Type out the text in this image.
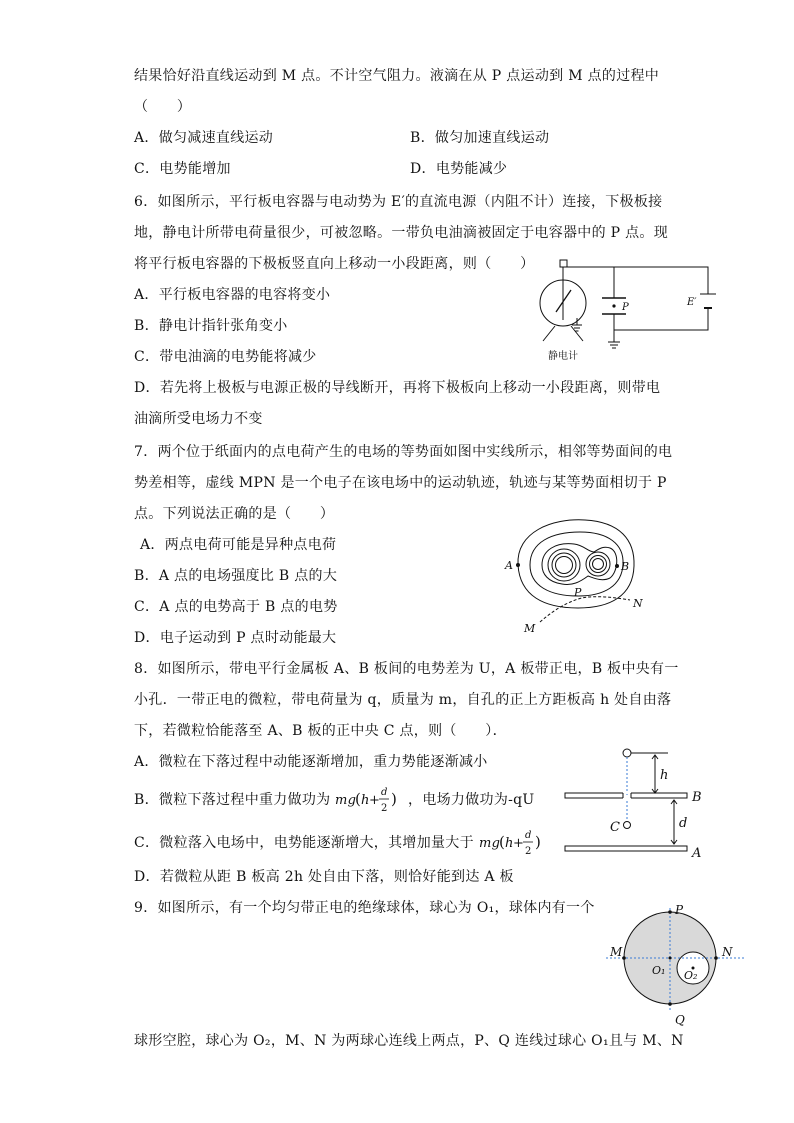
结果恰好沿直线运动到 M 点。不计空气阻力。液滴在从 P 点运动到 M 点的过程中
（　　）
A．做匀减速直线运动	B．做匀加速直线运动
C．电势能增加	D．电势能减少
6．如图所示，平行板电容器与电动势为 E′的直流电源（内阻不计）连接，下极板接
地，静电计所带电荷量很少，可被忽略。一带负电油滴被固定于电容器中的 P 点。现
将平行板电容器的下极板竖直向上移动一小段距离，则（　　）
A．平行板电容器的电容将变小
B．静电计指针张角变小
C．带电油滴的电势能将减少
D．若先将上极板与电源正极的导线断开，再将下极板向上移动一小段距离，则带电
油滴所受电场力不变
P	E′
静电计
7．两个位于纸面内的点电荷产生的电场的等势面如图中实线所示，相邻等势面间的电
势差相等，虚线 MPN 是一个电子在该电场中的运动轨迹，轨迹与某等势面相切于 P
点。下列说法正确的是（　　）
A．两点电荷可能是异种点电荷
B．A 点的电场强度比 B 点的大
C．A 点的电势高于 B 点的电势
D．电子运动到 P 点时动能最大
A	B
P
M
N
8．如图所示，带电平行金属板 A、B 板间的电势差为 U，A 板带正电，B 板中央有一
小孔．一带正电的微粒，带电荷量为 q，质量为 m，自孔的正上方距板高 h 处自由落
下，若微粒恰能落至 A、B 板的正中央 C 点，则（　　）．
A．微粒在下落过程中动能逐渐增加，重力势能逐渐减小
B．微粒下落过程中重力做功为 mg
( h +
d
2
) ，电场力做功为-qU
C．微粒落入电场中，电势能逐渐增大，其增加量大于 mg
( h +
d
2
)
D．若微粒从距 B 板高 2h 处自由下落，则恰好能到达 A 板
h
B
d
C
A
9．如图所示，有一个均匀带正电的绝缘球体，球心为 O₁，球体内有一个	P
Q
M	N
O₁ O₂
球形空腔，球心为 O₂，M、N 为两球心连线上两点，P、Q 连线过球心 O₁且与 M、N
